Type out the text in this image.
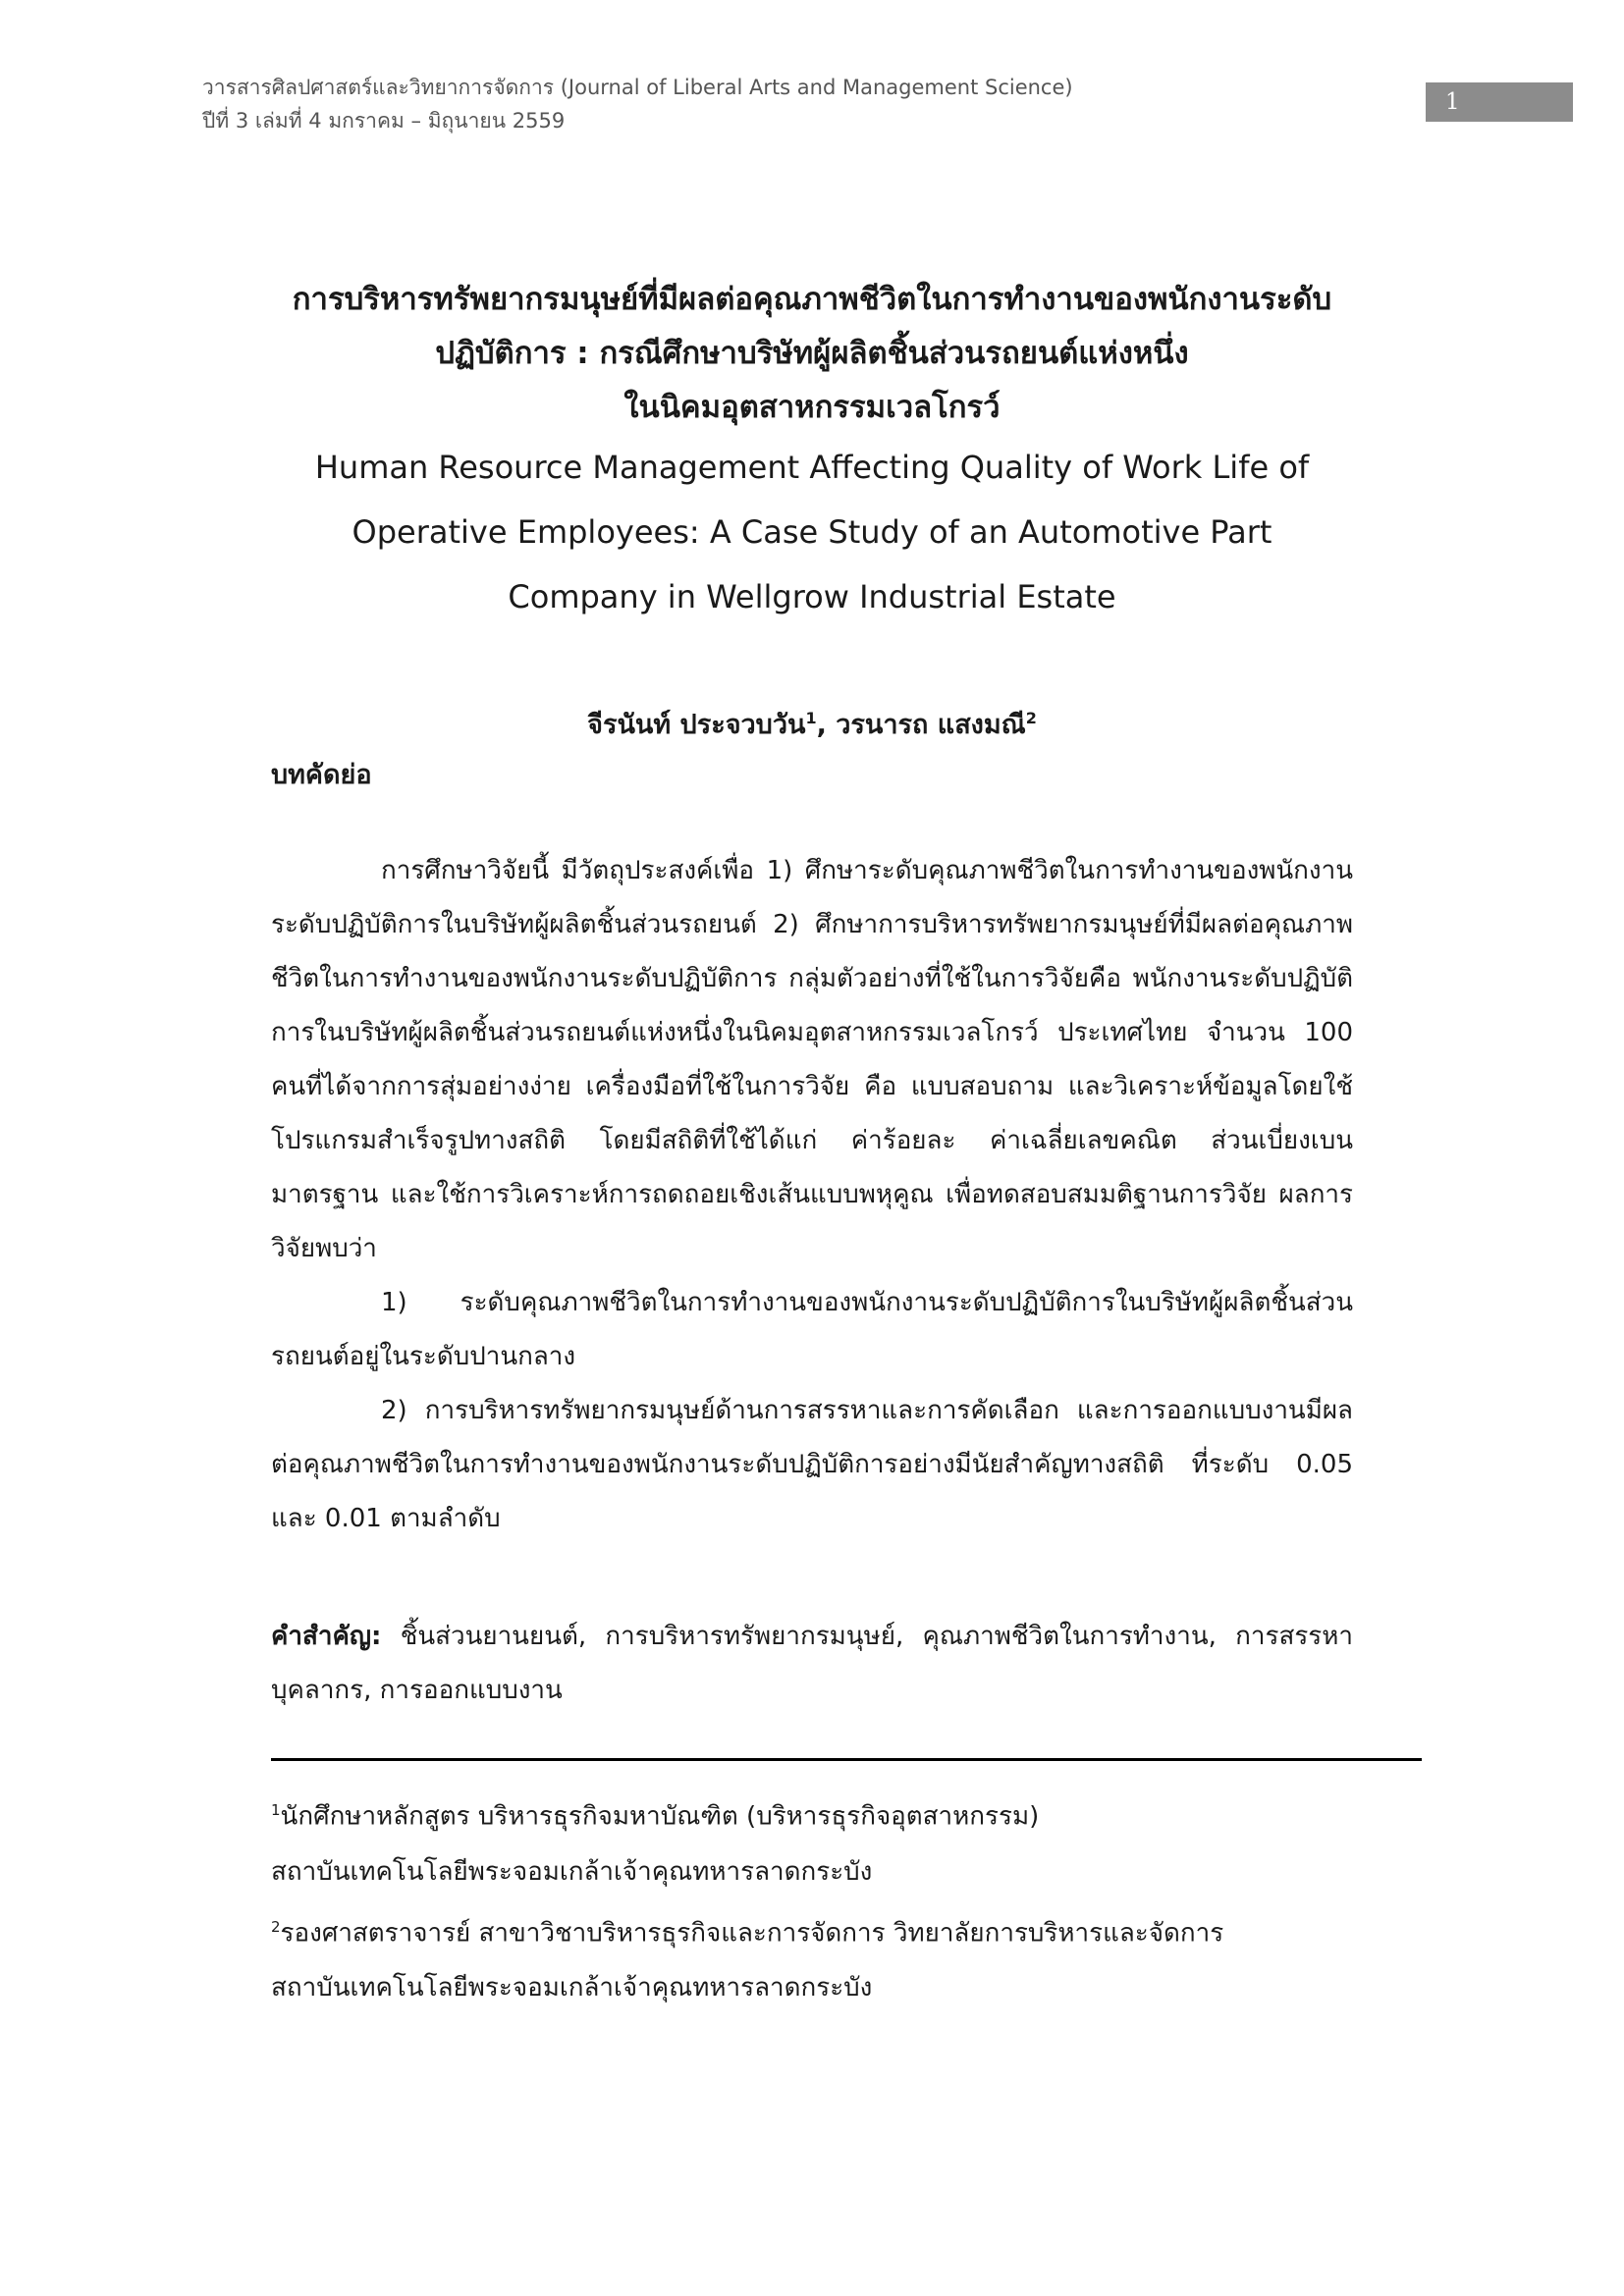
วารสารศิลปศาสตร์และวิทยาการจัดการ (Journal of Liberal Arts and Management Science)
ปีที่ 3 เล่มที่ 4 มกราคม – มิถุนายน 2559
1

การบริหารทรัพยากรมนุษย์ที่มีผลต่อคุณภาพชีวิตในการทำงานของพนักงานระดับ

ปฏิบัติการ : กรณีศึกษาบริษัทผู้ผลิตชิ้นส่วนรถยนต์แห่งหนึ่ง

ในนิคมอุตสาหกรรมเวลโกรว์

Human Resource Management Affecting Quality of Work Life of

Operative Employees: A Case Study of an Automotive Part

Company in Wellgrow Industrial Estate

จีรนันท์ ประจวบวัน$^1$, วรนารถ แสงมณี$^2$
บทคัดย่อ

การศึกษาวิจัยนี้ มีวัตถุประสงค์เพื่อ 1) ศึกษาระดับคุณภาพชีวิตในการทำงานของพนักงานระดับปฏิบัติการในบริษัทผู้ผลิตชิ้นส่วนรถยนต์ 2) ศึกษาการบริหารทรัพยากรมนุษย์ที่มีผลต่อคุณภาพชีวิตในการทำงานของพนักงานระดับปฏิบัติการ กลุ่มตัวอย่างที่ใช้ในการวิจัยคือ พนักงานระดับปฏิบัติการในบริษัทผู้ผลิตชิ้นส่วนรถยนต์แห่งหนึ่งในนิคมอุตสาหกรรมเวลโกรว์ ประเทศไทย จำนวน 100 คนที่ได้จากการสุ่มอย่างง่าย เครื่องมือที่ใช้ในการวิจัย คือ แบบสอบถาม และวิเคราะห์ข้อมูลโดยใช้โปรแกรมสำเร็จรูปทางสถิติ โดยมีสถิติที่ใช้ได้แก่ ค่าร้อยละ ค่าเฉลี่ยเลขคณิต ส่วนเบี่ยงเบนมาตรฐาน และใช้การวิเคราะห์การถดถอยเชิงเส้นแบบพหุคูณ เพื่อทดสอบสมมติฐานการวิจัย ผลการวิจัยพบว่า

1) ระดับคุณภาพชีวิตในการทำงานของพนักงานระดับปฏิบัติการในบริษัทผู้ผลิตชิ้นส่วนรถยนต์อยู่ในระดับปานกลาง

2) การบริหารทรัพยากรมนุษย์ด้านการสรรหาและการคัดเลือก และการออกแบบงานมีผลต่อคุณภาพชีวิตในการทำงานของพนักงานระดับปฏิบัติการอย่างมีนัยสำคัญทางสถิติ ที่ระดับ 0.05 และ 0.01 ตามลำดับ

คำสำคัญ: ชิ้นส่วนยานยนต์, การบริหารทรัพยากรมนุษย์, คุณภาพชีวิตในการทำงาน, การสรรหาบุคลากร, การออกแบบงาน

$^1$นักศึกษาหลักสูตร บริหารธุรกิจมหาบัณฑิต (บริหารธุรกิจอุตสาหกรรม)

สถาบันเทคโนโลยีพระจอมเกล้าเจ้าคุณทหารลาดกระบัง

$^2$รองศาสตราจารย์ สาขาวิชาบริหารธุรกิจและการจัดการ วิทยาลัยการบริหารและจัดการ

สถาบันเทคโนโลยีพระจอมเกล้าเจ้าคุณทหารลาดกระบัง
